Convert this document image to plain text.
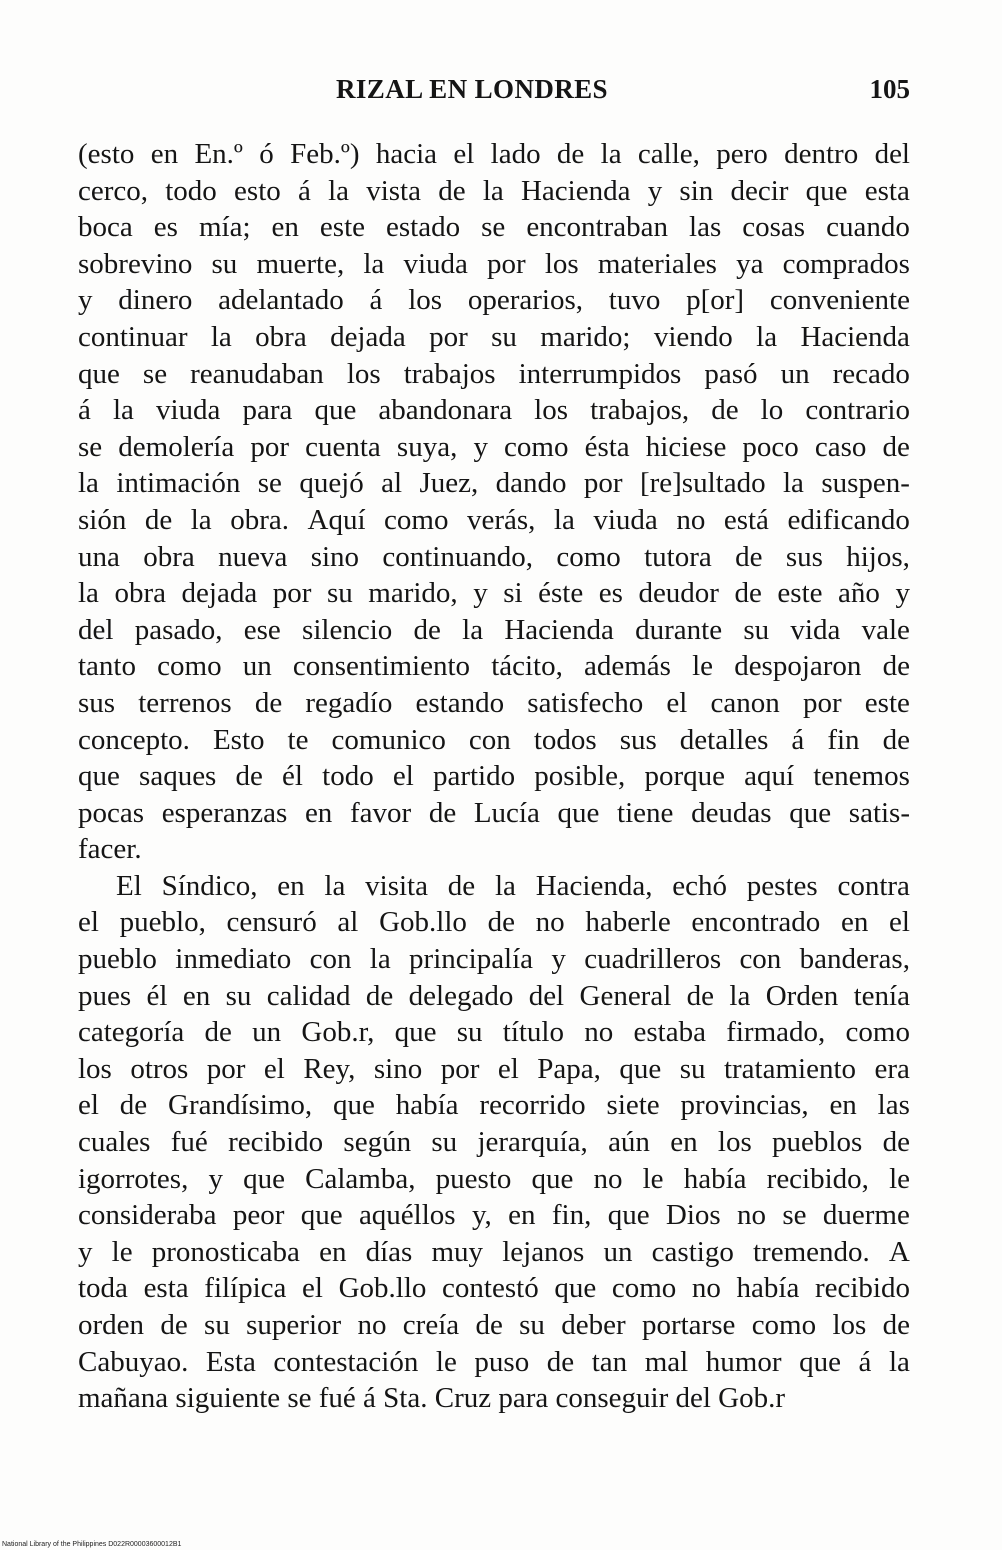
RIZAL EN LONDRES	105
(esto en En.º ó Feb.º) hacia el lado de la calle, pero dentro del
cerco, todo esto á la vista de la Hacienda y sin decir que esta
boca es mía; en este estado se encontraban las cosas cuando
sobrevino su muerte, la viuda por los materiales ya comprados
y dinero adelantado á los operarios, tuvo p[or] conveniente
continuar la obra dejada por su marido; viendo la Hacienda
que se reanudaban los trabajos interrumpidos pasó un recado
á la viuda para que abandonara los trabajos, de lo contrario
se demolería por cuenta suya, y como ésta hiciese poco caso de
la intimación se quejó al Juez, dando por [re]sultado la suspen-
sión de la obra. Aquí como verás, la viuda no está edificando
una obra nueva sino continuando, como tutora de sus hijos,
la obra dejada por su marido, y si éste es deudor de este año y
del pasado, ese silencio de la Hacienda durante su vida vale
tanto como un consentimiento tácito, además le despojaron de
sus terrenos de regadío estando satisfecho el canon por este
concepto. Esto te comunico con todos sus detalles á fin de
que saques de él todo el partido posible, porque aquí tenemos
pocas esperanzas en favor de Lucía que tiene deudas que satis-
facer.
El Síndico, en la visita de la Hacienda, echó pestes contra
el pueblo, censuró al Gob.llo de no haberle encontrado en el
pueblo inmediato con la principalía y cuadrilleros con banderas,
pues él en su calidad de delegado del General de la Orden tenía
categoría de un Gob.r, que su título no estaba firmado, como
los otros por el Rey, sino por el Papa, que su tratamiento era
el de Grandísimo, que había recorrido siete provincias, en las
cuales fué recibido según su jerarquía, aún en los pueblos de
igorrotes, y que Calamba, puesto que no le había recibido, le
consideraba peor que aquéllos y, en fin, que Dios no se duerme
y le pronosticaba en días muy lejanos un castigo tremendo. A
toda esta filípica el Gob.llo contestó que como no había recibido
orden de su superior no creía de su deber portarse como los de
Cabuyao. Esta contestación le puso de tan mal humor que á la
mañana siguiente se fué á Sta. Cruz para conseguir del Gob.r
National Library of the Philippines D022R00003600012B1
